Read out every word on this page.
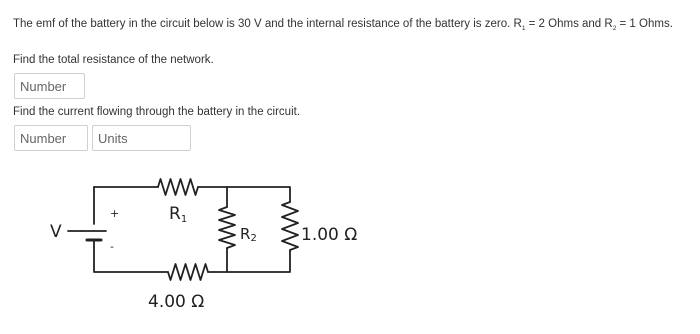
The emf of the battery in the circuit below is 30 V and the internal resistance of the battery is zero. $R_1 = 2$ Ohms and $R_2 = 1$ Ohms.
Find the total resistance of the network.
Number
Find the current flowing through the battery in the circuit.
Number
Units
V
+
-
R1
R2	1.00 Ω
4.00 Ω
